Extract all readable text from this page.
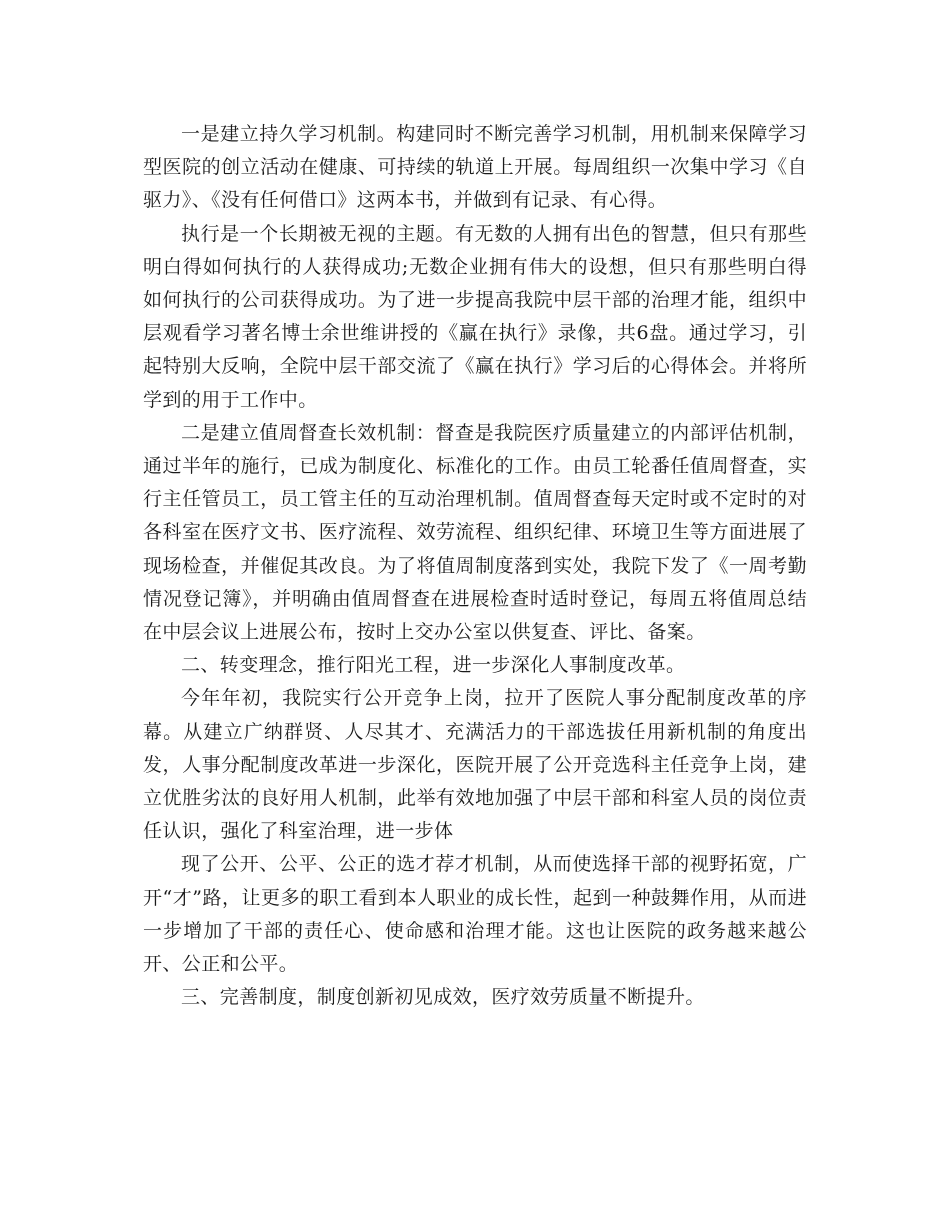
一是建立持久学习机制。构建同时不断完善学习机制，用机制来保障学习型医院的创立活动在健康、可持续的轨道上开展。每周组织一次集中学习《自驱力》、《没有任何借口》这两本书，并做到有记录、有心得。

执行是一个长期被无视的主题。有无数的人拥有出色的智慧，但只有那些明白得如何执行的人获得成功;无数企业拥有伟大的设想，但只有那些明白得如何执行的公司获得成功。为了进一步提高我院中层干部的治理才能，组织中层观看学习著名博士余世维讲授的《赢在执行》录像，共6盘。通过学习，引起特别大反响，全院中层干部交流了《赢在执行》学习后的心得体会。并将所学到的用于工作中。

二是建立值周督查长效机制：督查是我院医疗质量建立的内部评估机制，通过半年的施行，已成为制度化、标准化的工作。由员工轮番任值周督查，实行主任管员工，员工管主任的互动治理机制。值周督查每天定时或不定时的对各科室在医疗文书、医疗流程、效劳流程、组织纪律、环境卫生等方面进展了现场检查，并催促其改良。为了将值周制度落到实处，我院下发了《一周考勤情况登记簿》，并明确由值周督查在进展检查时适时登记，每周五将值周总结在中层会议上进展公布，按时上交办公室以供复查、评比、备案。

二、转变理念，推行阳光工程，进一步深化人事制度改革。

今年年初，我院实行公开竞争上岗，拉开了医院人事分配制度改革的序幕。从建立广纳群贤、人尽其才、充满活力的干部选拔任用新机制的角度出发，人事分配制度改革进一步深化，医院开展了公开竞选科主任竞争上岗，建立优胜劣汰的良好用人机制，此举有效地加强了中层干部和科室人员的岗位责任认识，强化了科室治理，进一步体

现了公开、公平、公正的选才荐才机制，从而使选择干部的视野拓宽，广开“才”路，让更多的职工看到本人职业的成长性，起到一种鼓舞作用，从而进一步增加了干部的责任心、使命感和治理才能。这也让医院的政务越来越公开、公正和公平。

三、完善制度，制度创新初见成效，医疗效劳质量不断提升。
